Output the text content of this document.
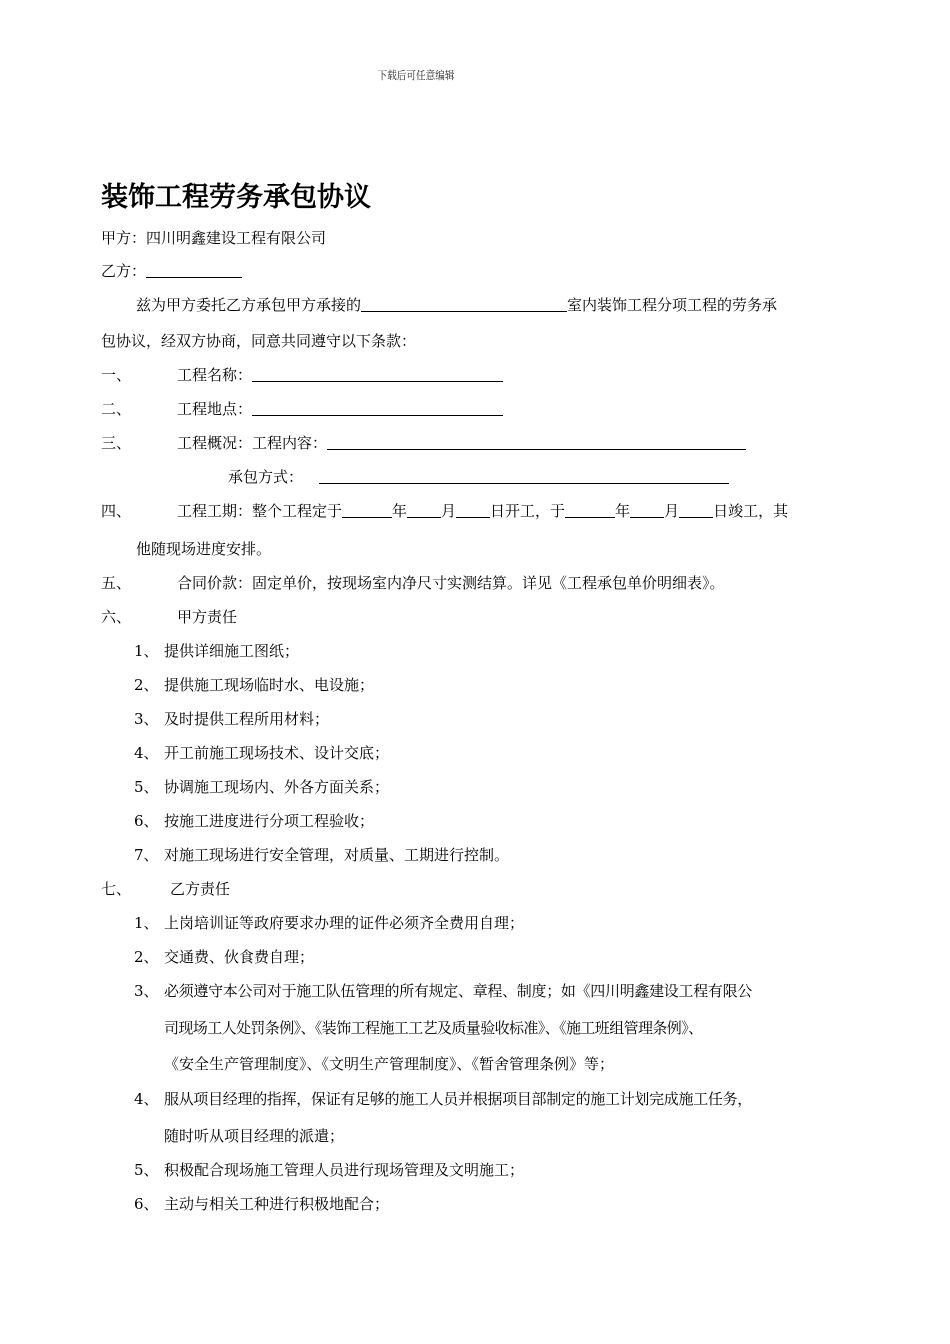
下载后可任意编辑
装饰工程劳务承包协议
甲方：四川明鑫建设工程有限公司
乙方：
兹为甲方委托乙方承包甲方承接的	室内装饰工程分项工程的劳务承
包协议，经双方协商，同意共同遵守以下条款：
一、	工程名称：
二、	工程地点：
三、	工程概况：工程内容：
承包方式：
四、	工程工期：整个工程定于	年 月 日开工，于	年 月 日竣工，其
他随现场进度安排。
五、	合同价款：固定单价，按现场室内净尺寸实测结算。详见《工程承包单价明细表》。
六、	甲方责任
1、 提供详细施工图纸；
2、 提供施工现场临时水、电设施；
3、 及时提供工程所用材料；
4、 开工前施工现场技术、设计交底；
5、 协调施工现场内、外各方面关系；
6、 按施工进度进行分项工程验收；
7、 对施工现场进行安全管理，对质量、工期进行控制。
七、	乙方责任
1、 上岗培训证等政府要求办理的证件必须齐全费用自理；
2、 交通费、伙食费自理；
3、 必须遵守本公司对于施工队伍管理的所有规定、章程、制度；如《四川明鑫建设工程有限公
司现场工人处罚条例》、《装饰工程施工工艺及质量验收标准》、《施工班组管理条例》、
《安全生产管理制度》、《文明生产管理制度》、《暂舍管理条例》等；
4、 服从项目经理的指挥，保证有足够的施工人员并根据项目部制定的施工计划完成施工任务，
随时听从项目经理的派遣；
5、 积极配合现场施工管理人员进行现场管理及文明施工；
6、 主动与相关工种进行积极地配合；
